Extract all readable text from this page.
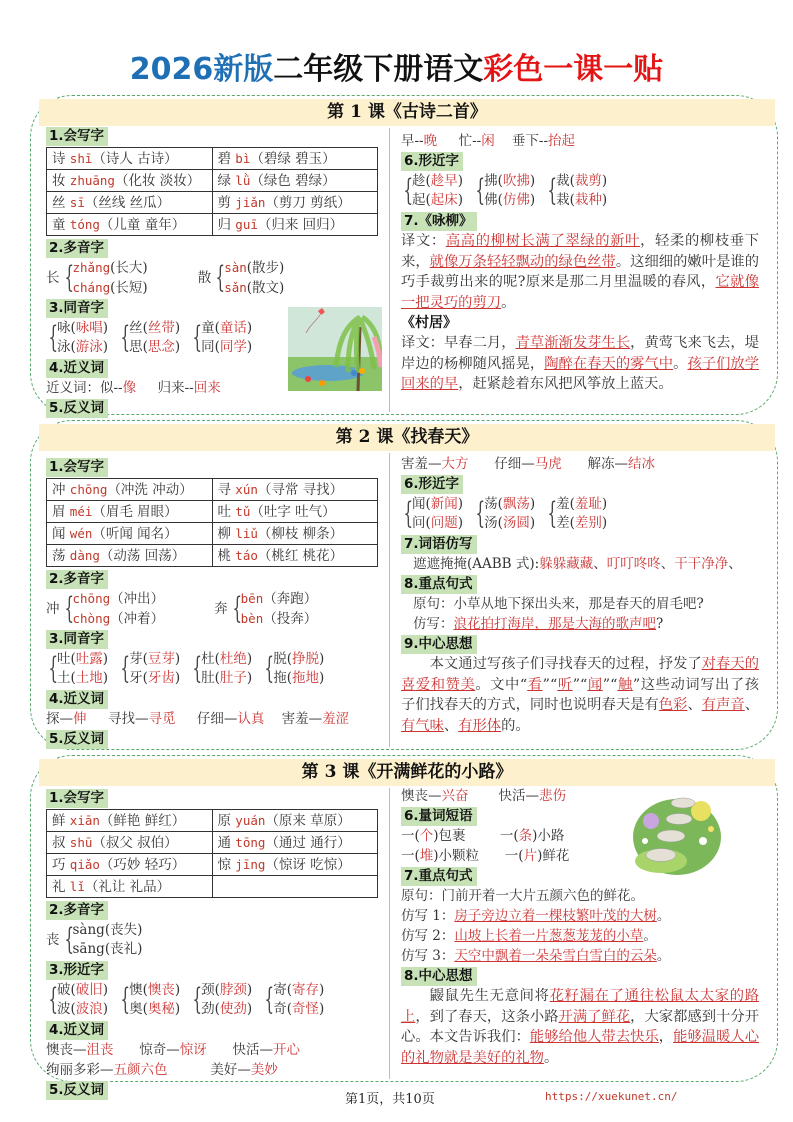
2026新版二年级下册语文彩色一课一贴
第 1 课《古诗二首》
1.会写字
诗 shī（诗人 古诗）	碧 bì（碧绿 碧玉）
妆 zhuāng（化妆 淡妆）	绿 lǜ（绿色 碧绿）
丝 sī（丝线 丝瓜）	剪 jiǎn（剪刀 剪纸）
童 tóng（儿童 童年）	归 guī（归来 回归）
2.多音字
长 {
zhǎng(长大)
cháng(长短)
散 {
sàn(散步)
sǎn(散文)
3.同音字
{
咏(咏唱)
泳(游泳) {
丝(丝带)
思(思念) {
童(童话)
同(同学)
4.近义词
近义词：似--像     归来--回来
5.反义词
早--晚     忙--闲    垂下--抬起
6.形近字
{
趁(趁早)
起(起床) {
拂(吹拂)
佛(仿佛) {
裁(裁剪)
栽(栽种)
7.《咏柳》
译文：高高的柳树长满了翠绿的新叶，轻柔的柳枝垂下来，就像万条轻轻飘动的绿色丝带。这细细的嫩叶是谁的巧手裁剪出来的呢?原来是那二月里温暖的春风，它就像一把灵巧的剪刀。
《村居》
译文：早春二月，青草渐渐发芽生长，黄莺飞来飞去，堤岸边的杨柳随风摇晃，陶醉在春天的雾气中。孩子们放学回来的早，赶紧趁着东风把风筝放上蓝天。
第 2 课《找春天》
1.会写字
冲 chōng（冲洗 冲动）	寻 xún（寻常 寻找）
眉 méi（眉毛 眉眼）	吐 tǔ（吐字 吐气）
闻 wén（听闻 闻名）	柳 liǔ（柳枝 柳条）
荡 dàng（动荡 回荡）	桃 táo（桃红 桃花）
2.多音字
冲 {
chōng（冲出）
chòng（冲着）
奔 {
bēn（奔跑）
bèn（投奔）
3.同音字
{
吐(吐露)
土(土地) {
芽(豆芽)
牙(牙齿) {
杜(杜绝)
肚(肚子) {
脱(挣脱)
拖(拖地)
4.近义词
探—伸     寻找—寻觅     仔细—认真    害羞—羞涩
5.反义词
害羞—大方      仔细—马虎      解冻—结冰
6.形近字
{
闻(新闻)
问(问题) {
荡(飘荡)
汤(汤圆) {
羞(羞耻)
差(差别)
7.词语仿写
遮遮掩掩(AABB 式):躲躲藏藏、叮叮咚咚、干干净净、
8.重点句式
原句：小草从地下探出头来，那是春天的眉毛吧?
仿写：浪花拍打海岸，那是大海的歌声吧?
9.中心思想
本文通过写孩子们寻找春天的过程，抒发了对春天的喜爱和赞美。文中“看”“听”“闻”“触”这些动词写出了孩子们找春天的方式，同时也说明春天是有色彩、有声音、有气味、有形体的。
第 3 课《开满鲜花的小路》
1.会写字
鲜 xiān（鲜艳 鲜红）	原 yuán（原来 草原）
叔 shū（叔父 叔伯）	通 tōng（通过 通行）
巧 qiǎo（巧妙 轻巧）	惊 jīng（惊讶 吃惊）
礼 lǐ（礼让 礼品）	
2.多音字
丧 {
sàng(丧失)
sāng(丧礼)
3.形近字
{
破(破旧)
波(波浪) {
懊(懊丧)
奥(奥秘) {
颈(脖颈)
劲(使劲) {
寄(寄存)
奇(奇怪)
4.近义词
懊丧—沮丧      惊奇—惊讶      快活—开心
绚丽多彩—五颜六色          美好—美妙
5.反义词
懊丧—兴奋       快活—悲伤
6.量词短语
一(个)包裹        一(条)小路
一(堆)小颗粒      一(片)鲜花
7.重点句式
原句：门前开着一大片五颜六色的鲜花。
仿写 1：房子旁边立着一棵枝繁叶茂的大树。
仿写 2：山坡上长着一片葱葱茏茏的小草。
仿写 3：天空中飘着一朵朵雪白雪白的云朵。
8.中心思想
鼹鼠先生无意间将花籽漏在了通往松鼠太太家的路上，到了春天，这条小路开满了鲜花，大家都感到十分开心。本文告诉我们：能够给他人带去快乐，能够温暖人心的礼物就是美好的礼物。
第1页，共10页	https://xuekunet.cn/
